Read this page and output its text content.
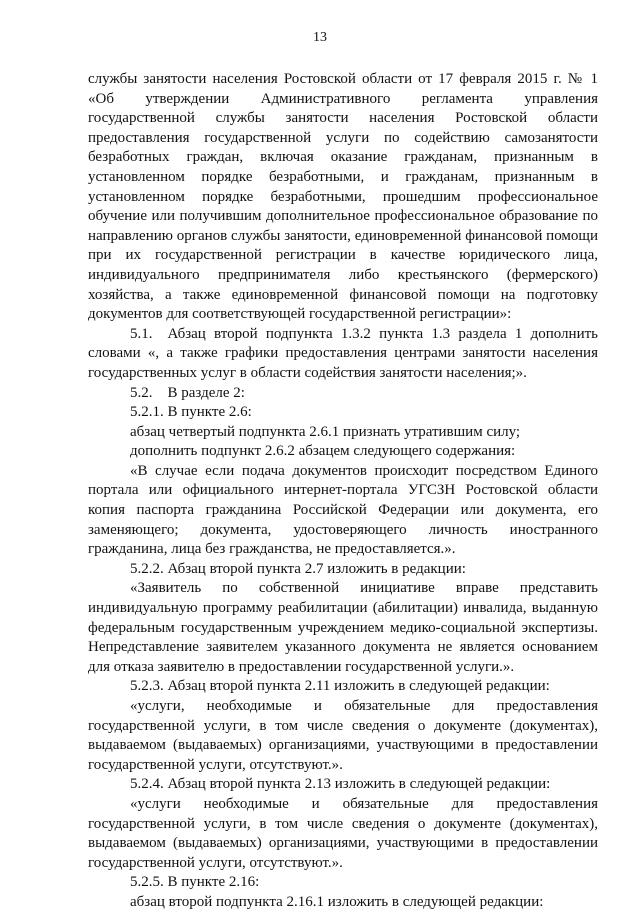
13

службы занятости населения Ростовской области от 17 февраля 2015 г. № 1 «Об утверждении Административного регламента управления государственной службы занятости населения Ростовской области предоставления государственной услуги по содействию самозанятости безработных граждан, включая оказание гражданам, признанным в установленном порядке безработными, и гражданам, признанным в установленном порядке безработными, прошедшим профессиональное обучение или получившим дополнительное профессиональное образование по направлению органов службы занятости, единовременной финансовой помощи при их государственной регистрации в качестве юридического лица, индивидуального предпринимателя либо крестьянского (фермерского) хозяйства, а также единовременной финансовой помощи на подготовку документов для соответствующей государственной регистрации»:

5.1. Абзац второй подпункта 1.3.2 пункта 1.3 раздела 1 дополнить словами «, а также графики предоставления центрами занятости населения государственных услуг в области содействия занятости населения;».

5.2. В разделе 2:

5.2.1. В пункте 2.6:

абзац четвертый подпункта 2.6.1 признать утратившим силу;

дополнить подпункт 2.6.2 абзацем следующего содержания:

«В случае если подача документов происходит посредством Единого портала или официального интернет-портала УГСЗН Ростовской области копия паспорта гражданина Российской Федерации или документа, его заменяющего; документа, удостоверяющего личность иностранного гражданина, лица без гражданства, не предоставляется.».

5.2.2. Абзац второй пункта 2.7 изложить в редакции:

«Заявитель по собственной инициативе вправе представить индивидуальную программу реабилитации (абилитации) инвалида, выданную федеральным государственным учреждением медико-социальной экспертизы. Непредставление заявителем указанного документа не является основанием для отказа заявителю в предоставлении государственной услуги.».

5.2.3. Абзац второй пункта 2.11 изложить в следующей редакции:

«услуги, необходимые и обязательные для предоставления государственной услуги, в том числе сведения о документе (документах), выдаваемом (выдаваемых) организациями, участвующими в предоставлении государственной услуги, отсутствуют.».

5.2.4. Абзац второй пункта 2.13 изложить в следующей редакции:

«услуги необходимые и обязательные для предоставления государственной услуги, в том числе сведения о документе (документах), выдаваемом (выдаваемых) организациями, участвующими в предоставлении государственной услуги, отсутствуют.».

5.2.5. В пункте 2.16:

абзац второй подпункта 2.16.1 изложить в следующей редакции:
